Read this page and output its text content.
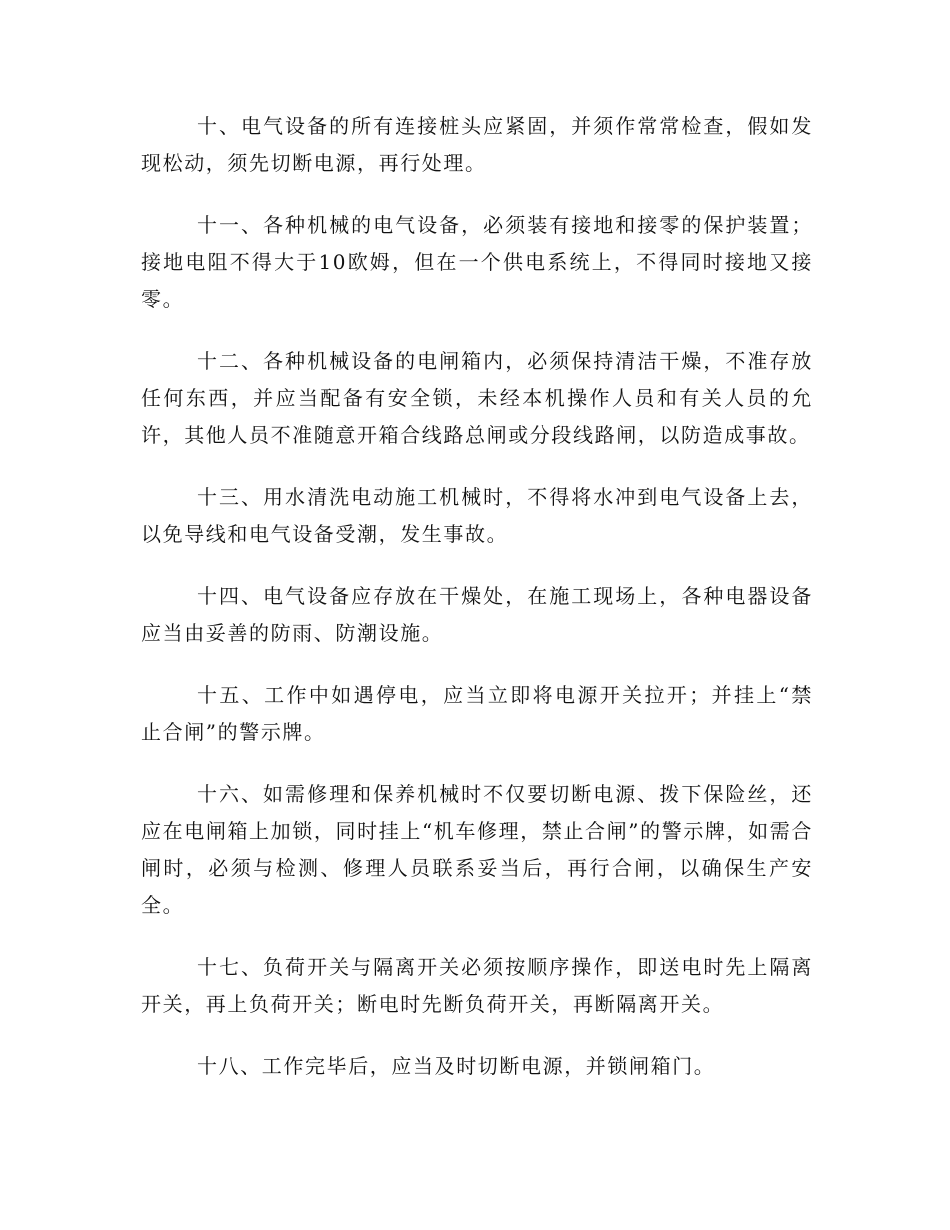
十、电气设备的所有连接桩头应紧固，并须作常常检查，假如发现松动，须先切断电源，再行处理。

十一、各种机械的电气设备，必须装有接地和接零的保护装置；接地电阻不得大于10欧姆，但在一个供电系统上，不得同时接地又接零。

十二、各种机械设备的电闸箱内，必须保持清洁干燥，不准存放任何东西，并应当配备有安全锁，未经本机操作人员和有关人员的允许，其他人员不准随意开箱合线路总闸或分段线路闸，以防造成事故。

十三、用水清洗电动施工机械时，不得将水冲到电气设备上去，以免导线和电气设备受潮，发生事故。

十四、电气设备应存放在干燥处，在施工现场上，各种电器设备应当由妥善的防雨、防潮设施。

十五、工作中如遇停电，应当立即将电源开关拉开；并挂上“禁止合闸”的警示牌。

十六、如需修理和保养机械时不仅要切断电源、拨下保险丝，还应在电闸箱上加锁，同时挂上“机车修理，禁止合闸”的警示牌，如需合闸时，必须与检测、修理人员联系妥当后，再行合闸，以确保生产安全。

十七、负荷开关与隔离开关必须按顺序操作，即送电时先上隔离开关，再上负荷开关；断电时先断负荷开关，再断隔离开关。

十八、工作完毕后，应当及时切断电源，并锁闸箱门。
